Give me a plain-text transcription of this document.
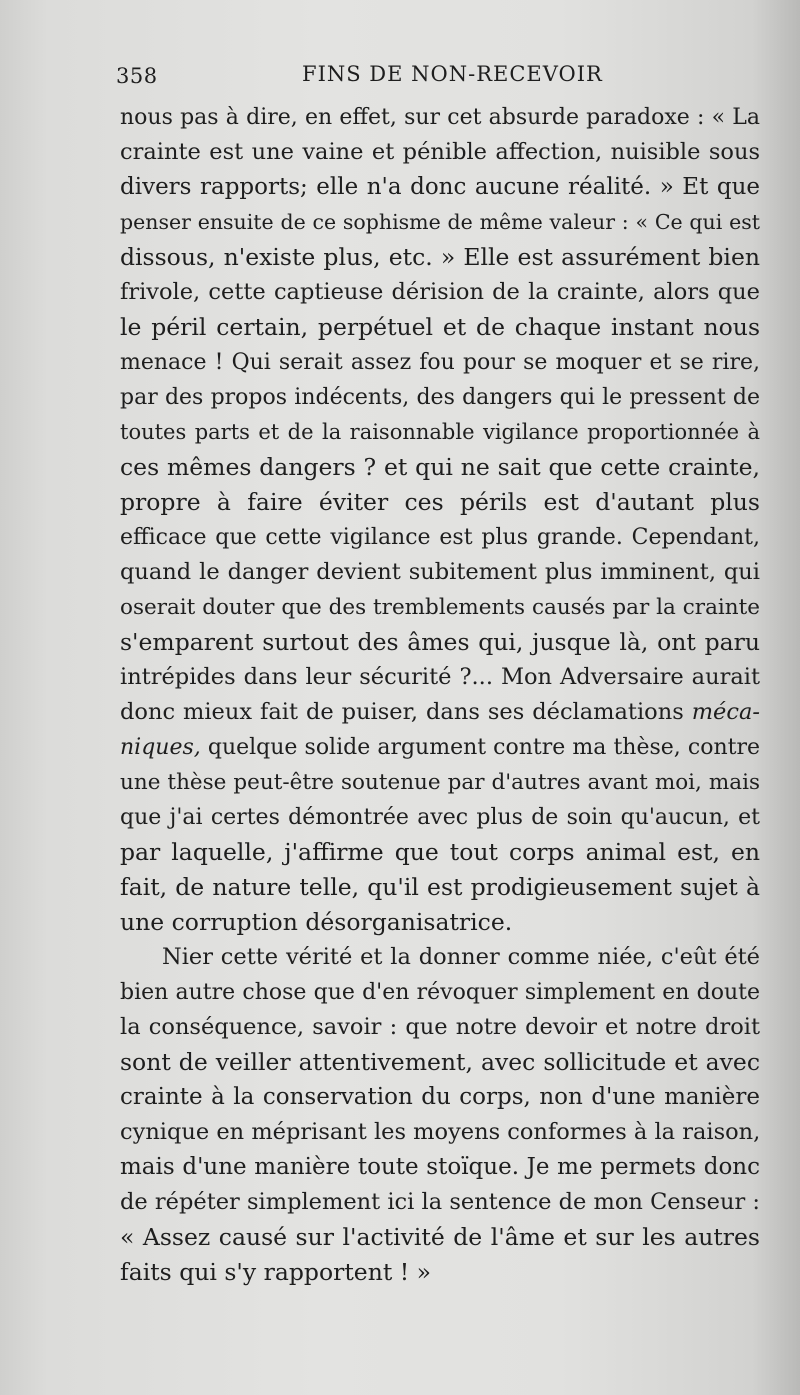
358	FINS DE NON-RECEVOIR
nous pas à dire, en effet, sur cet absurde paradoxe : « La
crainte est une vaine et pénible affection, nuisible sous
divers rapports; elle n'a donc aucune réalité. » Et que
penser ensuite de ce sophisme de même valeur : « Ce qui est
dissous, n'existe plus, etc. » Elle est assurément bien
frivole, cette captieuse dérision de la crainte, alors que
le péril certain, perpétuel et de chaque instant nous
menace ! Qui serait assez fou pour se moquer et se rire,
par des propos indécents, des dangers qui le pressent de
toutes parts et de la raisonnable vigilance proportionnée à
ces mêmes dangers ? et qui ne sait que cette crainte,
propre à faire éviter ces périls est d'autant plus
efficace que cette vigilance est plus grande. Cependant,
quand le danger devient subitement plus imminent, qui
oserait douter que des tremblements causés par la crainte
s'emparent surtout des âmes qui, jusque là, ont paru
intrépides dans leur sécurité ?... Mon Adversaire aurait
donc mieux fait de puiser, dans ses déclamations méca-
niques, quelque solide argument contre ma thèse, contre
une thèse peut-être soutenue par d'autres avant moi, mais
que j'ai certes démontrée avec plus de soin qu'aucun, et
par laquelle, j'affirme que tout corps animal est, en
fait, de nature telle, qu'il est prodigieusement sujet à
une corruption désorganisatrice.
Nier cette vérité et la donner comme niée, c'eût été
bien autre chose que d'en révoquer simplement en doute
la conséquence, savoir : que notre devoir et notre droit
sont de veiller attentivement, avec sollicitude et avec
crainte à la conservation du corps, non d'une manière
cynique en méprisant les moyens conformes à la raison,
mais d'une manière toute stoïque. Je me permets donc
de répéter simplement ici la sentence de mon Censeur :
« Assez causé sur l'activité de l'âme et sur les autres
faits qui s'y rapportent ! »
